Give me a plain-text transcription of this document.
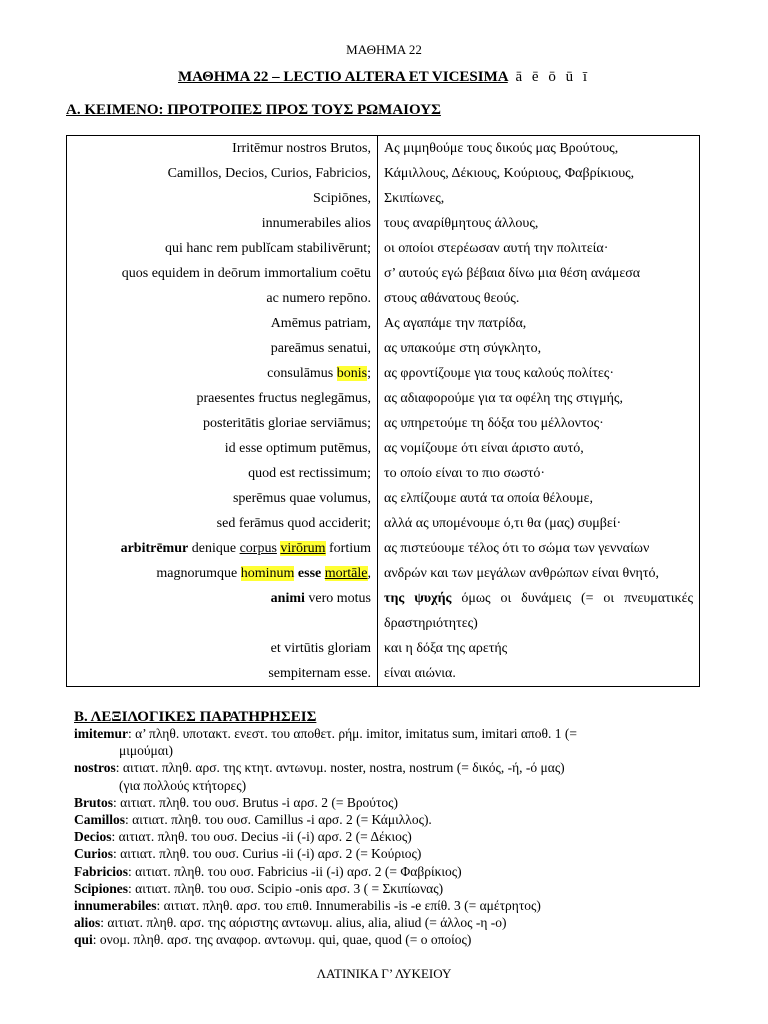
ΜΑΘΗΜΑ 22
ΜΑΘΗΜΑ 22 – LECTIO ALTERA ET VICESIMA ā ē ō ū ī
Α. ΚΕΙΜΕΝΟ: ΠΡΟΤΡΟΠΕΣ ΠΡΟΣ ΤΟΥΣ ΡΩΜΑΙΟΥΣ
Irritēmur nostros Brutos,	Ας μιμηθούμε τους δικούς μας Βρούτους,
Camillos, Decios, Curios, Fabricios,	Κάμιλλους, Δέκιους, Κούριους, Φαβρίκιους,
Scipiōnes,	Σκιπίωνες,
innumerabiles alios	τους αναρίθμητους άλλους,
qui hanc rem publĭcam stabilivērunt;	οι οποίοι στερέωσαν αυτή την πολιτεία·
quos equidem in deōrum immortalium coētu	σ’ αυτούς εγώ βέβαια δίνω μια θέση ανάμεσα
ac numero repōno.	στους αθάνατους θεούς.
Amēmus patriam,	Ας αγαπάμε την πατρίδα,
parеāmus senatui,	ας υπακούμε στη σύγκλητο,
consulāmus bonis;	ας φροντίζουμε για τους καλούς πολίτες·
praesentes fructus neglegāmus,	ας αδιαφορούμε για τα οφέλη της στιγμής,
posteritātis gloriae serviāmus;	ας υπηρετούμε τη δόξα του μέλλοντος·
id esse optimum putēmus,	ας νομίζουμε ότι είναι άριστο αυτό,
quod est rectissimum;	το οποίο είναι το πιο σωστό·
sperēmus quae volumus,	ας ελπίζουμε αυτά τα οποία θέλουμε,
sed ferāmus quod acciderit;	αλλά ας υπομένουμε ό,τι θα (μας) συμβεί·
arbitrēmur denique corpus virōrum fortium	ας πιστεύουμε τέλος ότι το σώμα των γενναίων
magnorumque hominum esse mortāle,	ανδρών και των μεγάλων ανθρώπων είναι θνητό,
animi vero motus	της ψυχής όμως οι δυνάμεις (= οι πνευματικές δραστηριότητες)
et virtūtis gloriam	και η δόξα της αρετής
sempiternam esse.	είναι αιώνια.
Β. ΛΕΞΙΛΟΓΙΚΕΣ ΠΑΡΑΤΗΡΗΣΕΙΣ
imitemur: α’ πληθ. υποτακτ. ενεστ. του αποθετ. ρήμ. imitor, imitatus sum, imitari αποθ. 1 (=
μιμούμαι)
nostros: αιτιατ. πληθ. αρσ. της κτητ. αντωνυμ. noster, nostra, nostrum (= δικός, -ή, -ό μας)
(για πολλούς κτήτορες)
Brutos: αιτιατ. πληθ. του ουσ. Brutus -i αρσ. 2 (= Βρούτος)
Camillos: αιτιατ. πληθ. του ουσ. Camillus -i αρσ. 2 (= Κάμιλλος).
Decios: αιτιατ. πληθ. του ουσ. Decius -ii (-i) αρσ. 2 (= Δέκιος)
Curios: αιτιατ. πληθ. του ουσ. Curius -ii (-i) αρσ. 2 (= Κούριος)
Fabricios: αιτιατ. πληθ. του ουσ. Fabricius -ii (-i) αρσ. 2 (= Φαβρίκιος)
Scipiones: αιτιατ. πληθ. του ουσ. Scipio -onis αρσ. 3 ( = Σκιπίωνας)
innumerabiles: αιτιατ. πληθ. αρσ. του επιθ. Innumerabilis -is -e επίθ. 3 (= αμέτρητος)
alios: αιτιατ. πληθ. αρσ. της αόριστης αντωνυμ. alius, alia, aliud (= άλλος -η -ο)
qui: ονομ. πληθ. αρσ. της αναφορ. αντωνυμ. qui, quae, quod (= ο οποίος)
ΛΑΤΙΝΙΚΑ Γ’ ΛΥΚΕΙΟΥ
